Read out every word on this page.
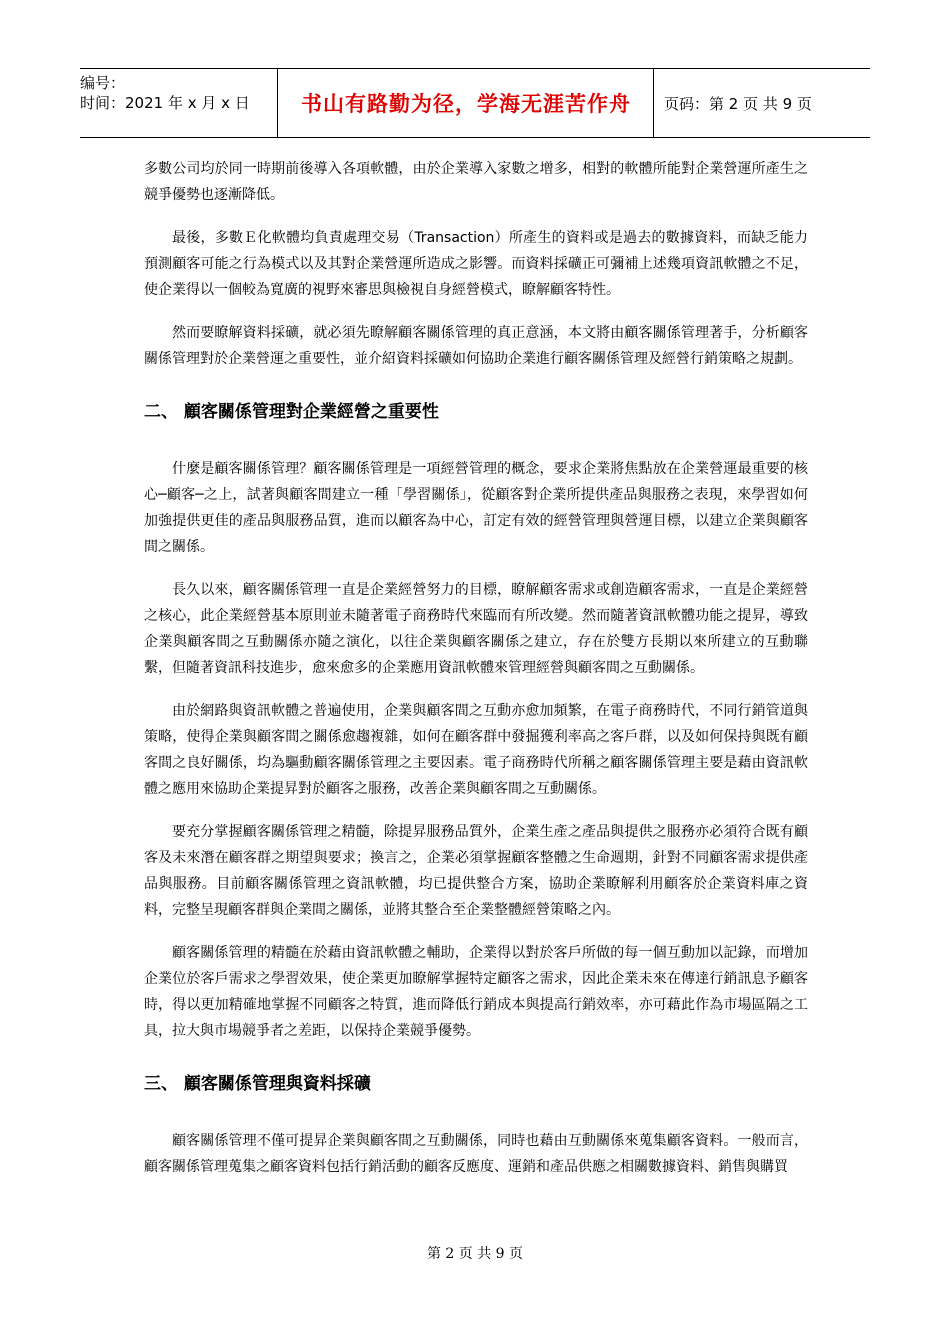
编号：
时间：2021 年 x 月 x 日	书山有路勤为径，学海无涯苦作舟 页码：第 2 页 共 9 页

多數公司均於同一時期前後導入各項軟體，由於企業導入家數之增多，相對的軟體所能對企業營運所產生之競爭優勢也逐漸降低。

最後，多數Ｅ化軟體均負責處理交易（Transaction）所產生的資料或是過去的數據資料，而缺乏能力預測顧客可能之行為模式以及其對企業營運所造成之影響。而資料採礦正可彌補上述幾項資訊軟體之不足，使企業得以一個較為寬廣的視野來審思與檢視自身經營模式，瞭解顧客特性。

然而要瞭解資料採礦，就必須先瞭解顧客關係管理的真正意涵，本文將由顧客關係管理著手，分析顧客關係管理對於企業營運之重要性，並介紹資料採礦如何協助企業進行顧客關係管理及經營行銷策略之規劃。

二、 顧客關係管理對企業經營之重要性

什麼是顧客關係管理？顧客關係管理是一項經營管理的概念，要求企業將焦點放在企業營運最重要的核心─顧客─之上，試著與顧客間建立一種「學習關係」，從顧客對企業所提供產品與服務之表現，來學習如何加強提供更佳的產品與服務品質，進而以顧客為中心，訂定有效的經營管理與營運目標，以建立企業與顧客間之關係。

長久以來，顧客關係管理一直是企業經營努力的目標，瞭解顧客需求或創造顧客需求，一直是企業經營之核心，此企業經營基本原則並未隨著電子商務時代來臨而有所改變。然而隨著資訊軟體功能之提昇，導致企業與顧客間之互動關係亦隨之演化，以往企業與顧客關係之建立，存在於雙方長期以來所建立的互動聯繫，但隨著資訊科技進步，愈來愈多的企業應用資訊軟體來管理經營與顧客間之互動關係。

由於網路與資訊軟體之普遍使用，企業與顧客間之互動亦愈加頻繁，在電子商務時代，不同行銷管道與策略，使得企業與顧客間之關係愈趨複雜，如何在顧客群中發掘獲利率高之客戶群，以及如何保持與既有顧客間之良好關係，均為驅動顧客關係管理之主要因素。電子商務時代所稱之顧客關係管理主要是藉由資訊軟體之應用來協助企業提昇對於顧客之服務，改善企業與顧客間之互動關係。

要充分掌握顧客關係管理之精髓，除提昇服務品質外，企業生產之產品與提供之服務亦必須符合既有顧客及未來潛在顧客群之期望與要求；換言之，企業必須掌握顧客整體之生命週期，針對不同顧客需求提供產品與服務。目前顧客關係管理之資訊軟體，均已提供整合方案，協助企業瞭解利用顧客於企業資料庫之資料，完整呈現顧客群與企業間之關係，並將其整合至企業整體經營策略之內。

顧客關係管理的精髓在於藉由資訊軟體之輔助，企業得以對於客戶所做的每一個互動加以記錄，而增加企業位於客戶需求之學習效果，使企業更加瞭解掌握特定顧客之需求，因此企業未來在傳達行銷訊息予顧客時，得以更加精確地掌握不同顧客之特質，進而降低行銷成本與提高行銷效率，亦可藉此作為市場區隔之工具，拉大與市場競爭者之差距，以保持企業競爭優勢。

三、 顧客關係管理與資料採礦

顧客關係管理不僅可提昇企業與顧客間之互動關係，同時也藉由互動關係來蒐集顧客資料。一般而言，顧客關係管理蒐集之顧客資料包括行銷活動的顧客反應度、運銷和產品供應之相關數據資料、銷售與購買

第 2 页 共 9 页
